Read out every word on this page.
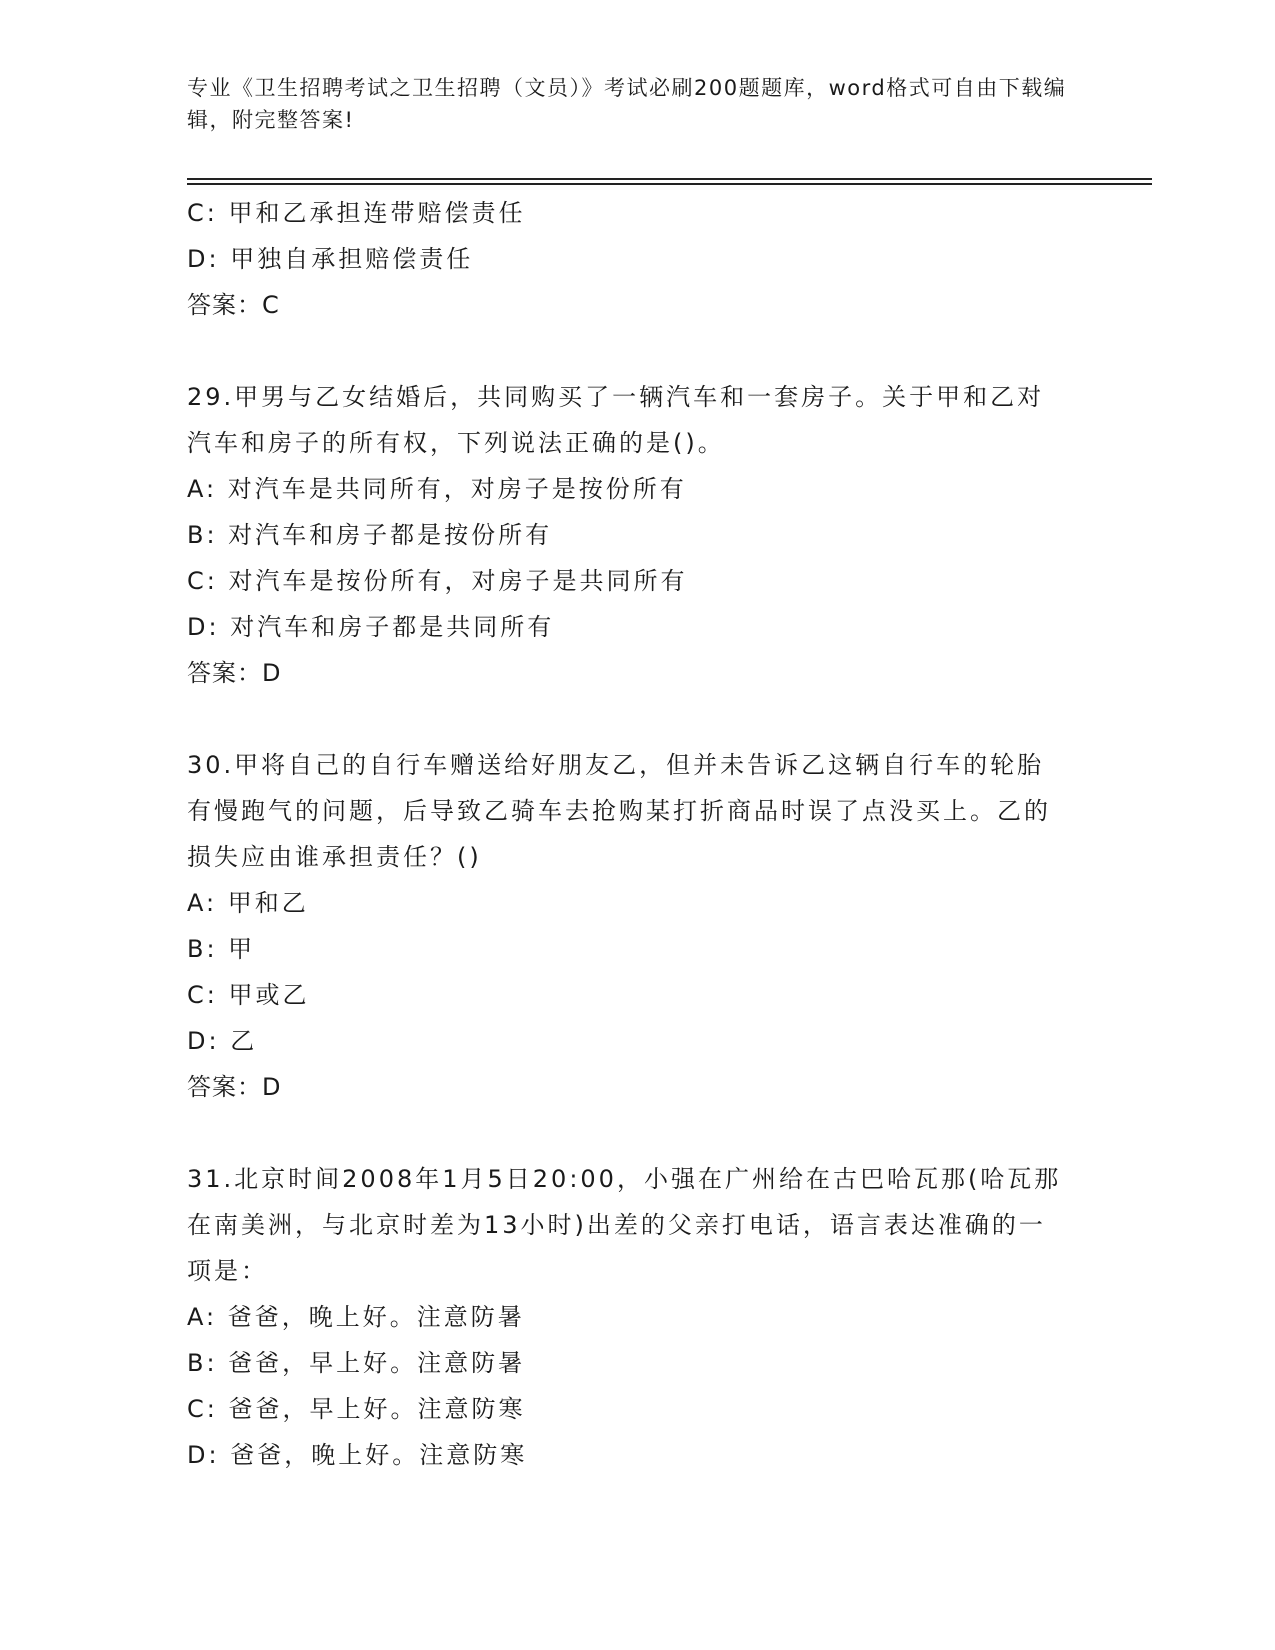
专业《卫生招聘考试之卫生招聘（文员）》考试必刷200题题库，word格式可自由下载编辑，附完整答案!
C: 甲和乙承担连带赔偿责任
D: 甲独自承担赔偿责任
答案：C
29.甲男与乙女结婚后，共同购买了一辆汽车和一套房子。关于甲和乙对汽车和房子的所有权，下列说法正确的是()。
A: 对汽车是共同所有，对房子是按份所有
B: 对汽车和房子都是按份所有
C: 对汽车是按份所有，对房子是共同所有
D: 对汽车和房子都是共同所有
答案：D
30.甲将自己的自行车赠送给好朋友乙，但并未告诉乙这辆自行车的轮胎有慢跑气的问题，后导致乙骑车去抢购某打折商品时误了点没买上。乙的损失应由谁承担责任？()
A: 甲和乙
B: 甲
C: 甲或乙
D: 乙
答案：D
31.北京时间2008年1月5日20:00，小强在广州给在古巴哈瓦那(哈瓦那在南美洲，与北京时差为13小时)出差的父亲打电话，语言表达准确的一项是：
A: 爸爸，晚上好。注意防暑
B: 爸爸，早上好。注意防暑
C: 爸爸，早上好。注意防寒
D: 爸爸，晚上好。注意防寒
